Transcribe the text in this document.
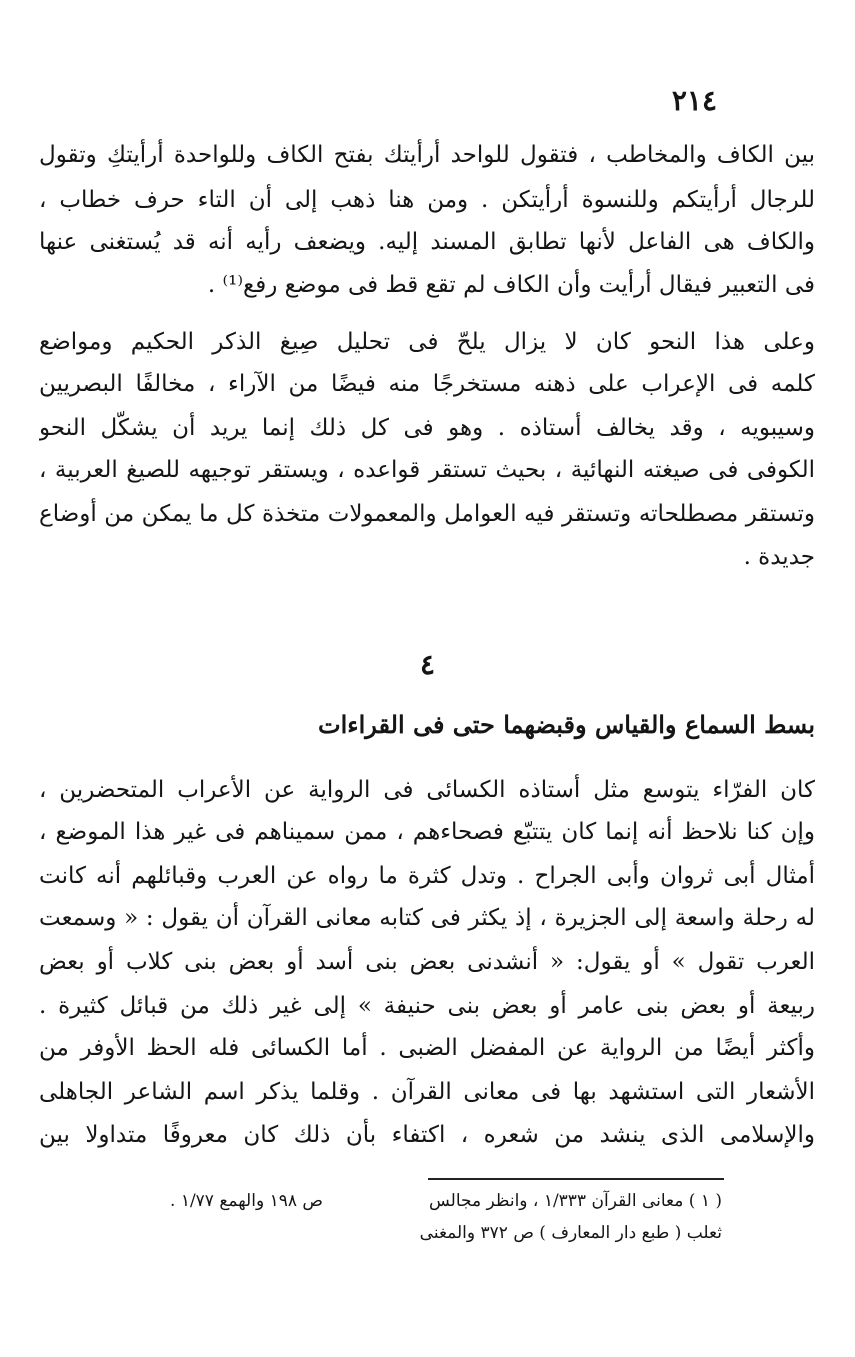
٢١٤
بين الكاف والمخاطب ، فتقول للواحد أرأيتك بفتح الكاف وللواحدة أرأيتكِ وتقول
للرجال أرأيتكم وللنسوة أرأيتكن . ومن هنا ذهب إلى أن التاء حرف خطاب ،
والكاف هى الفاعل لأنها تطابق المسند إليه. ويضعف رأيه أنه قد يُستغنى عنها
فى التعبير فيقال أرأيت وأن الكاف لم تقع قط فى موضع رفع⁽¹⁾ .
وعلى هذا النحو كان لا يزال يلحّ فى تحليل صِيغ الذكر الحكيم ومواضع
كلمه فى الإعراب على ذهنه مستخرجًا منه فيضًا من الآراء ، مخالفًا البصريين
وسيبويه ، وقد يخالف أستاذه . وهو فى كل ذلك إنما يريد أن يشكّل النحو
الكوفى فى صيغته النهائية ، بحيث تستقر قواعده ، ويستقر توجيهه للصيغ العربية ،
وتستقر مصطلحاته وتستقر فيه العوامل والمعمولات متخذة كل ما يمكن من أوضاع
جديدة .
٤
بسط السماع والقياس وقبضهما حتى فى القراءات
كان الفرّاء يتوسع مثل أستاذه الكسائى فى الرواية عن الأعراب المتحضرين ،
وإن كنا نلاحظ أنه إنما كان يتتبّع فصحاءهم ، ممن سميناهم فى غير هذا الموضع ،
أمثال أبى ثروان وأبى الجراح . وتدل كثرة ما رواه عن العرب وقبائلهم أنه كانت
له رحلة واسعة إلى الجزيرة ، إذ يكثر فى كتابه معانى القرآن أن يقول : « وسمعت
العرب تقول » أو يقول: « أنشدنى بعض بنى أسد أو بعض بنى كلاب أو بعض
ربيعة أو بعض بنى عامر أو بعض بنى حنيفة » إلى غير ذلك من قبائل كثيرة .
وأكثر أيضًا من الرواية عن المفضل الضبى . أما الكسائى فله الحظ الأوفر من
الأشعار التى استشهد بها فى معانى القرآن . وقلما يذكر اسم الشاعر الجاهلى
والإسلامى الذى ينشد من شعره ، اكتفاء بأن ذلك كان معروفًا متداولا بين
( ١ ) معانى القرآن ١/٣٣٣ ، وانظر مجالس
ص ١٩٨ والهمع ١/٧٧ .
ثعلب ( طبع دار المعارف ) ص ٣٧٢ والمغنى
